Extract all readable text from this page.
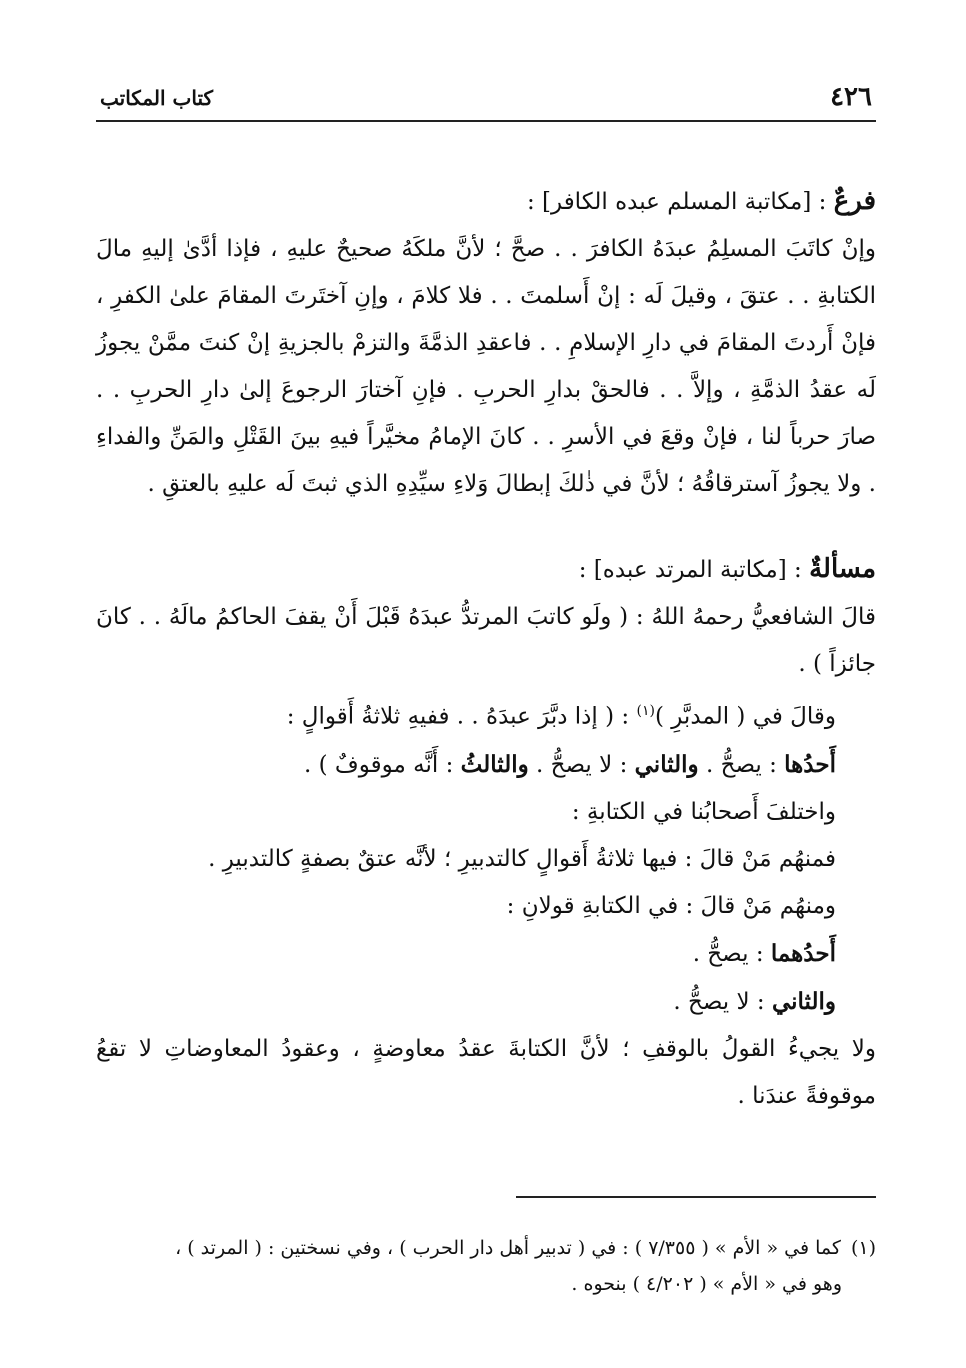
٤٢٦
كتاب المكاتب

فرعٌ : [مكاتبة المسلم عبده الكافر] :

وإنْ كاتَبَ المسلِمُ عبدَهُ الكافرَ . . صحَّ ؛ لأنَّ ملكَهُ صحيحٌ عليهِ ، فإذا أدَّىٰ إليهِ مالَ الكتابةِ . . عتقَ ، وقيلَ لَه : إنْ أَسلمتَ . . فلا كلامَ ، وإنِ آختَرتَ المقامَ علىٰ الكفرِ ، فإنْ أَردتَ المقامَ في دارِ الإسلامِ . . فاعقدِ الذمَّةَ والتزمْ بالجزيةِ إنْ كنتَ ممَّنْ يجوزُ لَه عقدُ الذمَّةِ ، وإلاَّ . . فالحقْ بدارِ الحربِ . فإنِ آختارَ الرجوعَ إلىٰ دارِ الحربِ . . صارَ حرباً لنا ، فإنْ وقعَ في الأسرِ . . كانَ الإمامُ مخيَّراً فيهِ بينَ القَتْلِ والمَنِّ والفداءِ . ولا يجوزُ آسترقاقُهُ ؛ لأنَّ في ذٰلكَ إبطالَ وَلاءِ سيِّدِهِ الذي ثبتَ لَه عليهِ بالعتقِ .

مسألةٌ : [مكاتبة المرتد عبده] :

قالَ الشافعيُّ رحمهُ اللهُ : ( ولَو كاتبَ المرتدُّ عبدَهُ قَبْلَ أَنْ يقفَ الحاكمُ مالَهُ . . كانَ جائزاً ) .

وقالَ في ( المدبَّرِ )$^{(١)}$ : ( إذا دبَّرَ عبدَهُ . . ففيهِ ثلاثةُ أَقوالٍ :

أَحدُها : يصحُّ . والثاني : لا يصحُّ . والثالثُ : أَنَّه موقوفٌ ) .

واختلفَ أَصحابُنا في الكتابةِ :

فمنهُم مَنْ قالَ : فيها ثلاثةُ أَقوالٍ كالتدبيرِ ؛ لأنَّه عتقٌ بصفةٍ كالتدبيرِ .

ومنهُم مَنْ قالَ : في الكتابةِ قولانِ :

أَحدُهما : يصحُّ .

والثاني : لا يصحُّ .

ولا يجيءُ القولُ بالوقفِ ؛ لأنَّ الكتابةَ عقدُ معاوضةٍ ، وعقودُ المعاوضاتِ لا تقعُ موقوفةً عندَنا .

(١)كما في « الأم » ( ٧/٣٥٥ ) : في ( تدبير أهل دار الحرب ) ، وفي نسختين : ( المرتد ) ،
وهو في « الأم » ( ٤/٢٠٢ ) بنحوه .
